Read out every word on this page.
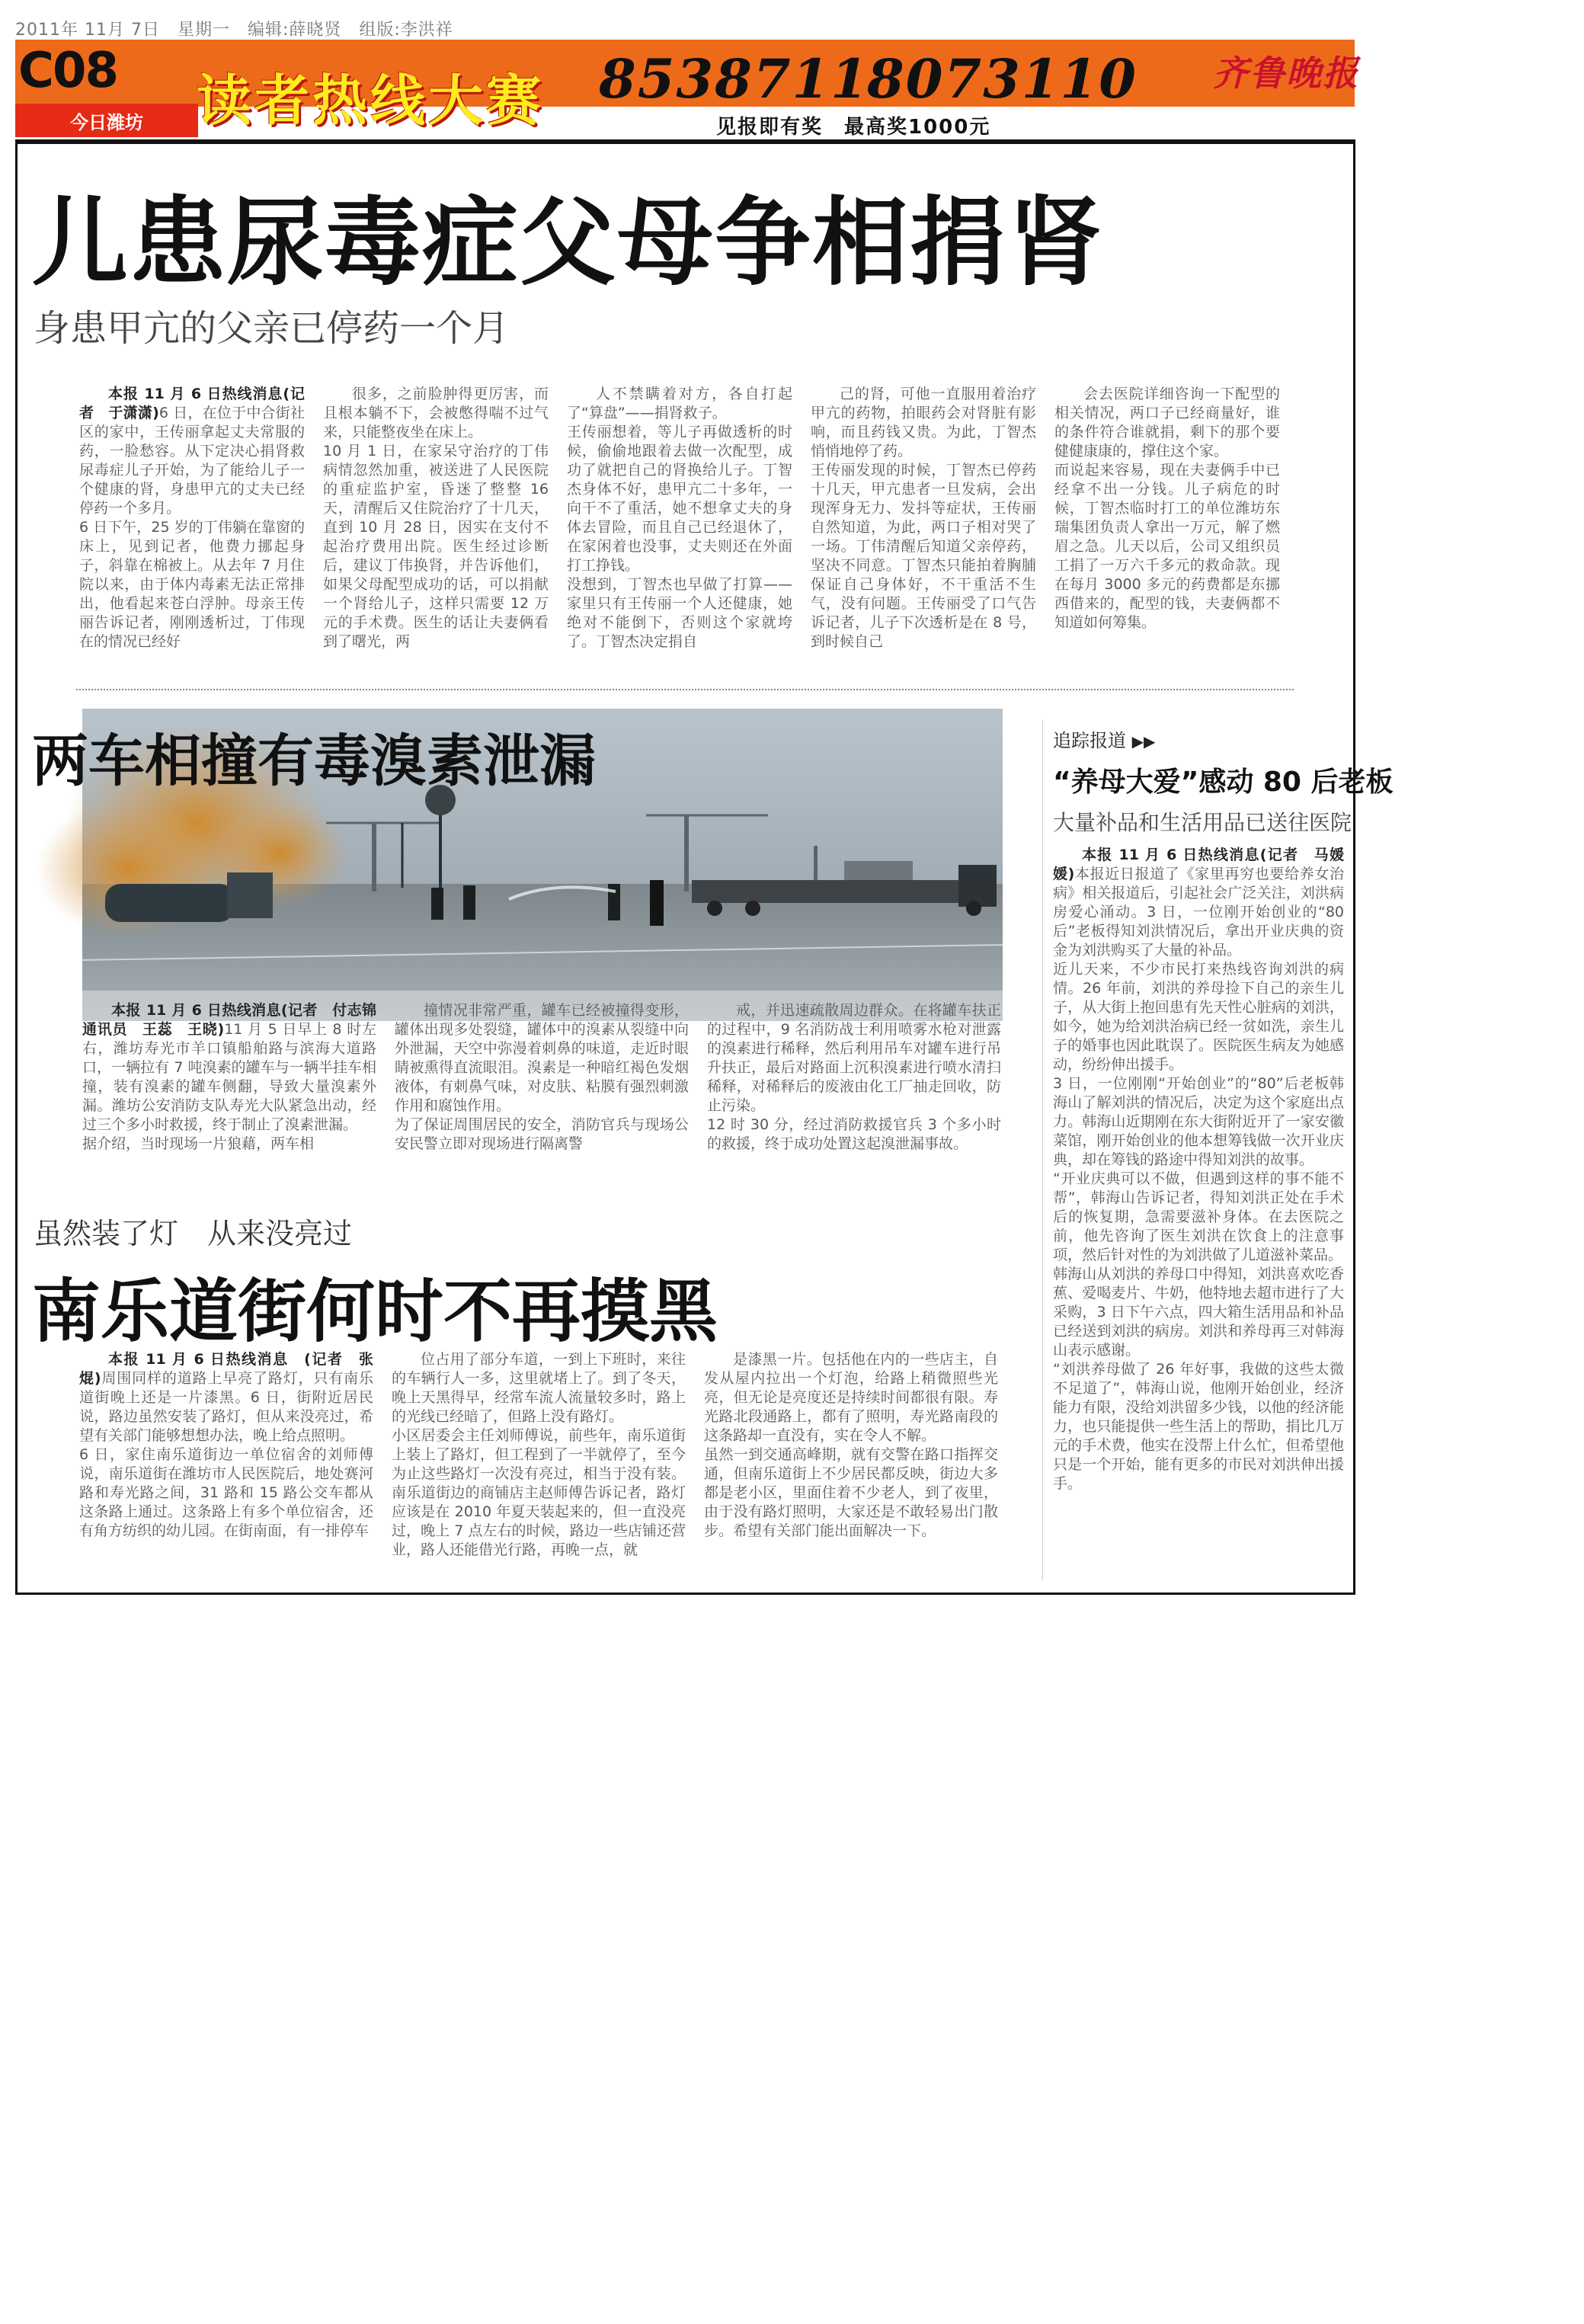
2011年 11月 7日　星期一　编辑:薛晓贤　组版:李洪祥
C08
今日潍坊 读者热线大赛 8538711
8073110
见报即有奖　最高奖1000元
齐鲁晚报
儿患尿毒症父母争相捐肾
身患甲亢的父亲已停药一个月

本报 11 月 6 日热线消息(记者　于潇潇)6 日，在位于中合街社区的家中，王传丽拿起丈夫常服的药，一脸愁容。从下定决心捐肾救尿毒症儿子开始，为了能给儿子一个健康的肾，身患甲亢的丈夫已经停药一个多月。
6 日下午，25 岁的丁伟躺在靠窗的床上，见到记者，他费力挪起身子，斜靠在棉被上。从去年 7 月住院以来，由于体内毒素无法正常排出，他看起来苍白浮肿。母亲王传丽告诉记者，刚刚透析过，丁伟现在的情况已经好

很多，之前脸肿得更厉害，而且根本躺不下，会被憋得喘不过气来，只能整夜坐在床上。
10 月 1 日，在家呆守治疗的丁伟病情忽然加重，被送进了人民医院的重症监护室，昏迷了整整 16 天，清醒后又住院治疗了十几天，直到 10 月 28 日，因实在支付不起治疗费用出院。医生经过诊断后，建议丁伟换肾，并告诉他们，如果父母配型成功的话，可以捐献一个肾给儿子，这样只需要 12 万元的手术费。医生的话让夫妻俩看到了曙光，两

人不禁瞒着对方，各自打起了“算盘”——捐肾救子。
王传丽想着，等儿子再做透析的时候，偷偷地跟着去做一次配型，成功了就把自己的肾换给儿子。丁智杰身体不好，患甲亢二十多年，一向干不了重活，她不想拿丈夫的身体去冒险，而且自己已经退休了，在家闲着也没事，丈夫则还在外面打工挣钱。
没想到，丁智杰也早做了打算——家里只有王传丽一个人还健康，她绝对不能倒下，否则这个家就垮了。丁智杰决定捐自

己的肾，可他一直服用着治疗甲亢的药物，拍眼药会对肾脏有影响，而且药钱又贵。为此，丁智杰悄悄地停了药。
王传丽发现的时候，丁智杰已停药十几天，甲亢患者一旦发病，会出现浑身无力、发抖等症状，王传丽自然知道，为此，两口子相对哭了一场。丁伟清醒后知道父亲停药，坚决不同意。丁智杰只能拍着胸脯保证自己身体好，不干重活不生气，没有问题。王传丽受了口气告诉记者，儿子下次透析是在 8 号，到时候自己

会去医院详细咨询一下配型的相关情况，两口子已经商量好，谁的条件符合谁就捐，剩下的那个要健健康康的，撑住这个家。
而说起来容易，现在夫妻俩手中已经拿不出一分钱。儿子病危的时候，丁智杰临时打工的单位潍坊东瑞集团负责人拿出一万元，解了燃眉之急。儿天以后，公司又组织员工捐了一万六千多元的救命款。现在每月 3000 多元的药费都是东挪西借来的，配型的钱，夫妻俩都不知道如何筹集。

两车相撞有毒溴素泄漏

本报 11 月 6 日热线消息(记者　付志锦　通讯员　王蕊　王晓)11 月 5 日早上 8 时左右，潍坊寿光市羊口镇船舶路与滨海大道路口，一辆拉有 7 吨溴素的罐车与一辆半挂车相撞，装有溴素的罐车侧翻，导致大量溴素外漏。潍坊公安消防支队寿光大队紧急出动，经过三个多小时救援，终于制止了溴素泄漏。
据介绍，当时现场一片狼藉，两车相

撞情况非常严重，罐车已经被撞得变形，罐体出现多处裂缝，罐体中的溴素从裂缝中向外泄漏，天空中弥漫着刺鼻的味道，走近时眼睛被熏得直流眼泪。溴素是一种暗红褐色发烟液体，有刺鼻气味，对皮肤、粘膜有强烈刺激作用和腐蚀作用。
为了保证周围居民的安全，消防官兵与现场公安民警立即对现场进行隔离警

戒，并迅速疏散周边群众。在将罐车扶正的过程中，9 名消防战士利用喷雾水枪对泄露的溴素进行稀释，然后利用吊车对罐车进行吊升扶正，最后对路面上沉积溴素进行喷水清扫稀释，对稀释后的废液由化工厂抽走回收，防止污染。
12 时 30 分，经过消防救援官兵 3 个多小时的救援，终于成功处置这起溴泄漏事故。

虽然装了灯　从来没亮过
南乐道街何时不再摸黑

本报 11 月 6 日热线消息　(记者　张焜)周围同样的道路上早亮了路灯，只有南乐道街晚上还是一片漆黑。6 日，街附近居民说，路边虽然安装了路灯，但从来没亮过，希望有关部门能够想想办法，晚上给点照明。
6 日，家住南乐道街边一单位宿舍的刘师傅说，南乐道街在潍坊市人民医院后，地处赛河路和寿光路之间，31 路和 15 路公交车都从这条路上通过。这条路上有多个单位宿舍，还有角方纺织的幼儿园。在街南面，有一排停车

位占用了部分车道，一到上下班时，来往的车辆行人一多，这里就堵上了。到了冬天，晚上天黑得早，经常车流人流量较多时，路上的光线已经暗了，但路上没有路灯。
小区居委会主任刘师傅说，前些年，南乐道街上装上了路灯，但工程到了一半就停了，至今为止这些路灯一次没有亮过，相当于没有装。南乐道街边的商铺店主赵师傅告诉记者，路灯应该是在 2010 年夏天装起来的，但一直没亮过，晚上 7 点左右的时候，路边一些店铺还营业，路人还能借光行路，再晚一点，就

是漆黑一片。包括他在内的一些店主，自发从屋内拉出一个灯泡，给路上稍微照些光亮，但无论是亮度还是持续时间都很有限。寿光路北段通路上，都有了照明，寿光路南段的这条路却一直没有，实在令人不解。
虽然一到交通高峰期，就有交警在路口指挥交通，但南乐道街上不少居民都反映，街边大多都是老小区，里面住着不少老人，到了夜里，由于没有路灯照明，大家还是不敢轻易出门散步。希望有关部门能出面解决一下。

追踪报道 ▶▶
“养母大爱”感动 80 后老板
大量补品和生活用品已送往医院

本报 11 月 6 日热线消息(记者　马媛媛)本报近日报道了《家里再穷也要给养女治病》相关报道后，引起社会广泛关注，刘洪病房爱心涌动。3 日，一位刚开始创业的“80 后”老板得知刘洪情况后，拿出开业庆典的资金为刘洪购买了大量的补品。
近儿天来，不少市民打来热线咨询刘洪的病情。26 年前，刘洪的养母捡下自己的亲生儿子，从大街上抱回患有先天性心脏病的刘洪，如今，她为给刘洪治病已经一贫如洗，亲生儿子的婚事也因此耽误了。医院医生病友为她感动，纷纷伸出援手。
3 日，一位刚刚“开始创业”的“80”后老板韩海山了解刘洪的情况后，决定为这个家庭出点力。韩海山近期刚在东大街附近开了一家安徽菜馆，刚开始创业的他本想筹钱做一次开业庆典，却在筹钱的路途中得知刘洪的故事。
“开业庆典可以不做，但遇到这样的事不能不帮”，韩海山告诉记者，得知刘洪正处在手术后的恢复期，急需要滋补身体。在去医院之前，他先咨询了医生刘洪在饮食上的注意事项，然后针对性的为刘洪做了儿道滋补菜品。
韩海山从刘洪的养母口中得知，刘洪喜欢吃香蕉、爱喝麦片、牛奶，他特地去超市进行了大采购，3 日下午六点，四大箱生活用品和补品已经送到刘洪的病房。刘洪和养母再三对韩海山表示感谢。
“刘洪养母做了 26 年好事，我做的这些太微不足道了”，韩海山说，他刚开始创业，经济能力有限，没给刘洪留多少钱，以他的经济能力，也只能提供一些生活上的帮助，捐比几万元的手术费，他实在没帮上什么忙，但希望他只是一个开始，能有更多的市民对刘洪伸出援手。
